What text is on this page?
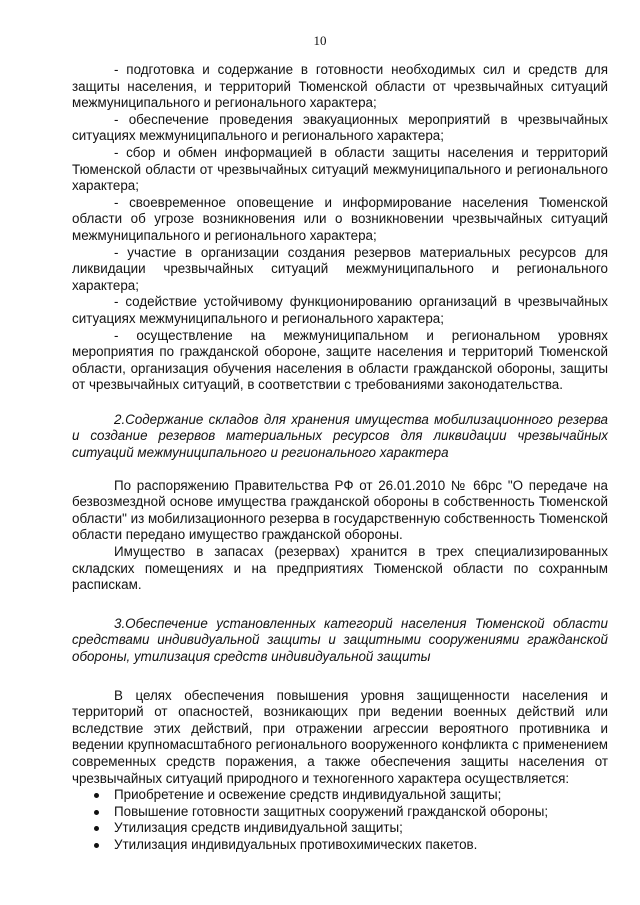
10

- подготовка и содержание в готовности необходимых сил и средств для защиты населения, и территорий Тюменской области от чрезвычайных ситуаций межмуниципального и регионального характера;

- обеспечение проведения эвакуационных мероприятий в чрезвычайных ситуациях межмуниципального и регионального характера;

- сбор и обмен информацией в области защиты населения и территорий Тюменской области от чрезвычайных ситуаций межмуниципального и регионального характера;

- своевременное оповещение и информирование населения Тюменской области об угрозе возникновения или о возникновении чрезвычайных ситуаций межмуниципального и регионального характера;

- участие в организации создания резервов материальных ресурсов для ликвидации чрезвычайных ситуаций межмуниципального и регионального характера;

- содействие устойчивому функционированию организаций в чрезвычайных ситуациях межмуниципального и регионального характера;

- осуществление на межмуниципальном и региональном уровнях мероприятия по гражданской обороне, защите населения и территорий Тюменской области, организация обучения населения в области гражданской обороны, защиты от чрезвычайных ситуаций, в соответствии с требованиями законодательства.

2.Содержание складов для хранения имущества мобилизационного резерва и создание резервов материальных ресурсов для ликвидации чрезвычайных ситуаций межмуниципального и регионального характера

По распоряжению Правительства РФ от 26.01.2010 № 66рс "О передаче на безвозмездной основе имущества гражданской обороны в собственность Тюменской области" из мобилизационного резерва в государственную собственность Тюменской области передано имущество гражданской обороны.

Имущество в запасах (резервах) хранится в трех специализированных складских помещениях и на предприятиях Тюменской области по сохранным распискам.

3.Обеспечение установленных категорий населения Тюменской области средствами индивидуальной защиты и защитными сооружениями гражданской обороны, утилизация средств индивидуальной защиты

В целях обеспечения повышения уровня защищенности населения и территорий от опасностей, возникающих при ведении военных действий или вследствие этих действий, при отражении агрессии вероятного противника и ведении крупномасштабного регионального вооруженного конфликта с применением современных средств поражения, а также обеспечения защиты населения от чрезвычайных ситуаций природного и техногенного характера осуществляется:

Приобретение и освежение средств индивидуальной защиты;
Повышение готовности защитных сооружений гражданской обороны;
Утилизация средств индивидуальной защиты;
Утилизация индивидуальных противохимических пакетов.
